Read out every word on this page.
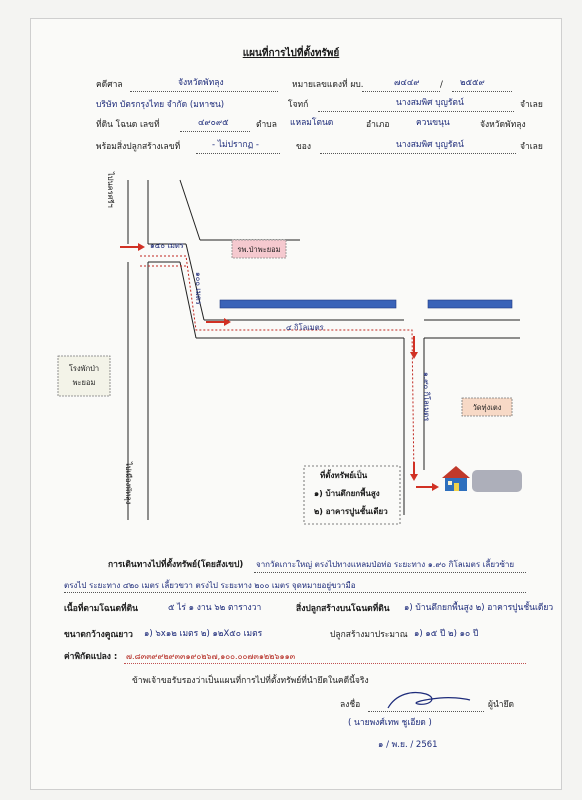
แผนที่การไปที่ตั้งทรัพย์
คดีศาล	จังหวัดพัทลุง	หมายเลขแดงที่ ผบ.	๗๔๔๙ / ๒๕๕๙
บริษัท บัตรกรุงไทย จำกัด (มหาชน)	โจทก์	นางสมพิศ บุญรัตน์	จำเลย
ที่ดิน โฉนด เลขที่	๔๙๐๙๕	ตำบล แหลมโตนด	อำเภอ	ควนขนุน	จังหวัดพัทลุง
พร้อมสิ่งปลูกสร้างเลขที่	- ไม่ปรากฏ -	ของ	นางสมพิศ บุญรัตน์	จำเลย
ไปนครศรีฯ
ไปเมืองพัทลุง
๑๔๐ เมตร
๑๐๐ เมตร
๔ กิโลเมตร
๑.๙๐ กิโลเมตร
รพ.ป่าพะยอม
โรงพักป่าพะยอม
วัดทุ่งเตง
ที่ตั้งทรัพย์เป็น
๑) บ้านตึกยกพื้นสูง
๒) อาคารปูนชั้นเดียว
การเดินทางไปที่ตั้งทรัพย์(โดยสังเขป) จากวัดเกาะใหญ่ ตรงไปทางแหลมป่อท่อ ระยะทาง ๑.๙๐ กิโลเมตร เลี้ยวซ้าย
ตรงไป ระยะทาง ๔๒๐ เมตร เลี้ยวขวา ตรงไป ระยะทาง ๒๐๐ เมตร จุดหมายอยู่ขวามือ
เนื้อที่ตามโฉนดที่ดิน	๕ ไร่ ๑ งาน ๖๒ ตารางวา	สิ่งปลูกสร้างบนโฉนดที่ดิน ๑) บ้านตึกยกพื้นสูง ๒) อาคารปูนชั้นเดียว
ขนาดกว้างคูณยาว ๑) ๖x๑๒ เมตร ๒) ๑๒X๕๐ เมตร	ปลูกสร้างมาประมาณ ๑) ๑๕ ปี ๒) ๑๐ ปี
ค่าพิกัดแปลง : ๗.๘๓๓๙๙๒๙๓๓๑๙๐๒๖๗,๑๐๐.๐๐๗๓๑๒๒๖๑๑๓
ข้าพเจ้าขอรับรองว่าเป็นแผนที่การไปที่ตั้งทรัพย์ที่นำยึดในคดีนี้จริง
ลงชื่อ	ผู้นำยึด
( นายพงศ์เทพ ชูเอียด )
๑ / พ.ย. / 2561
